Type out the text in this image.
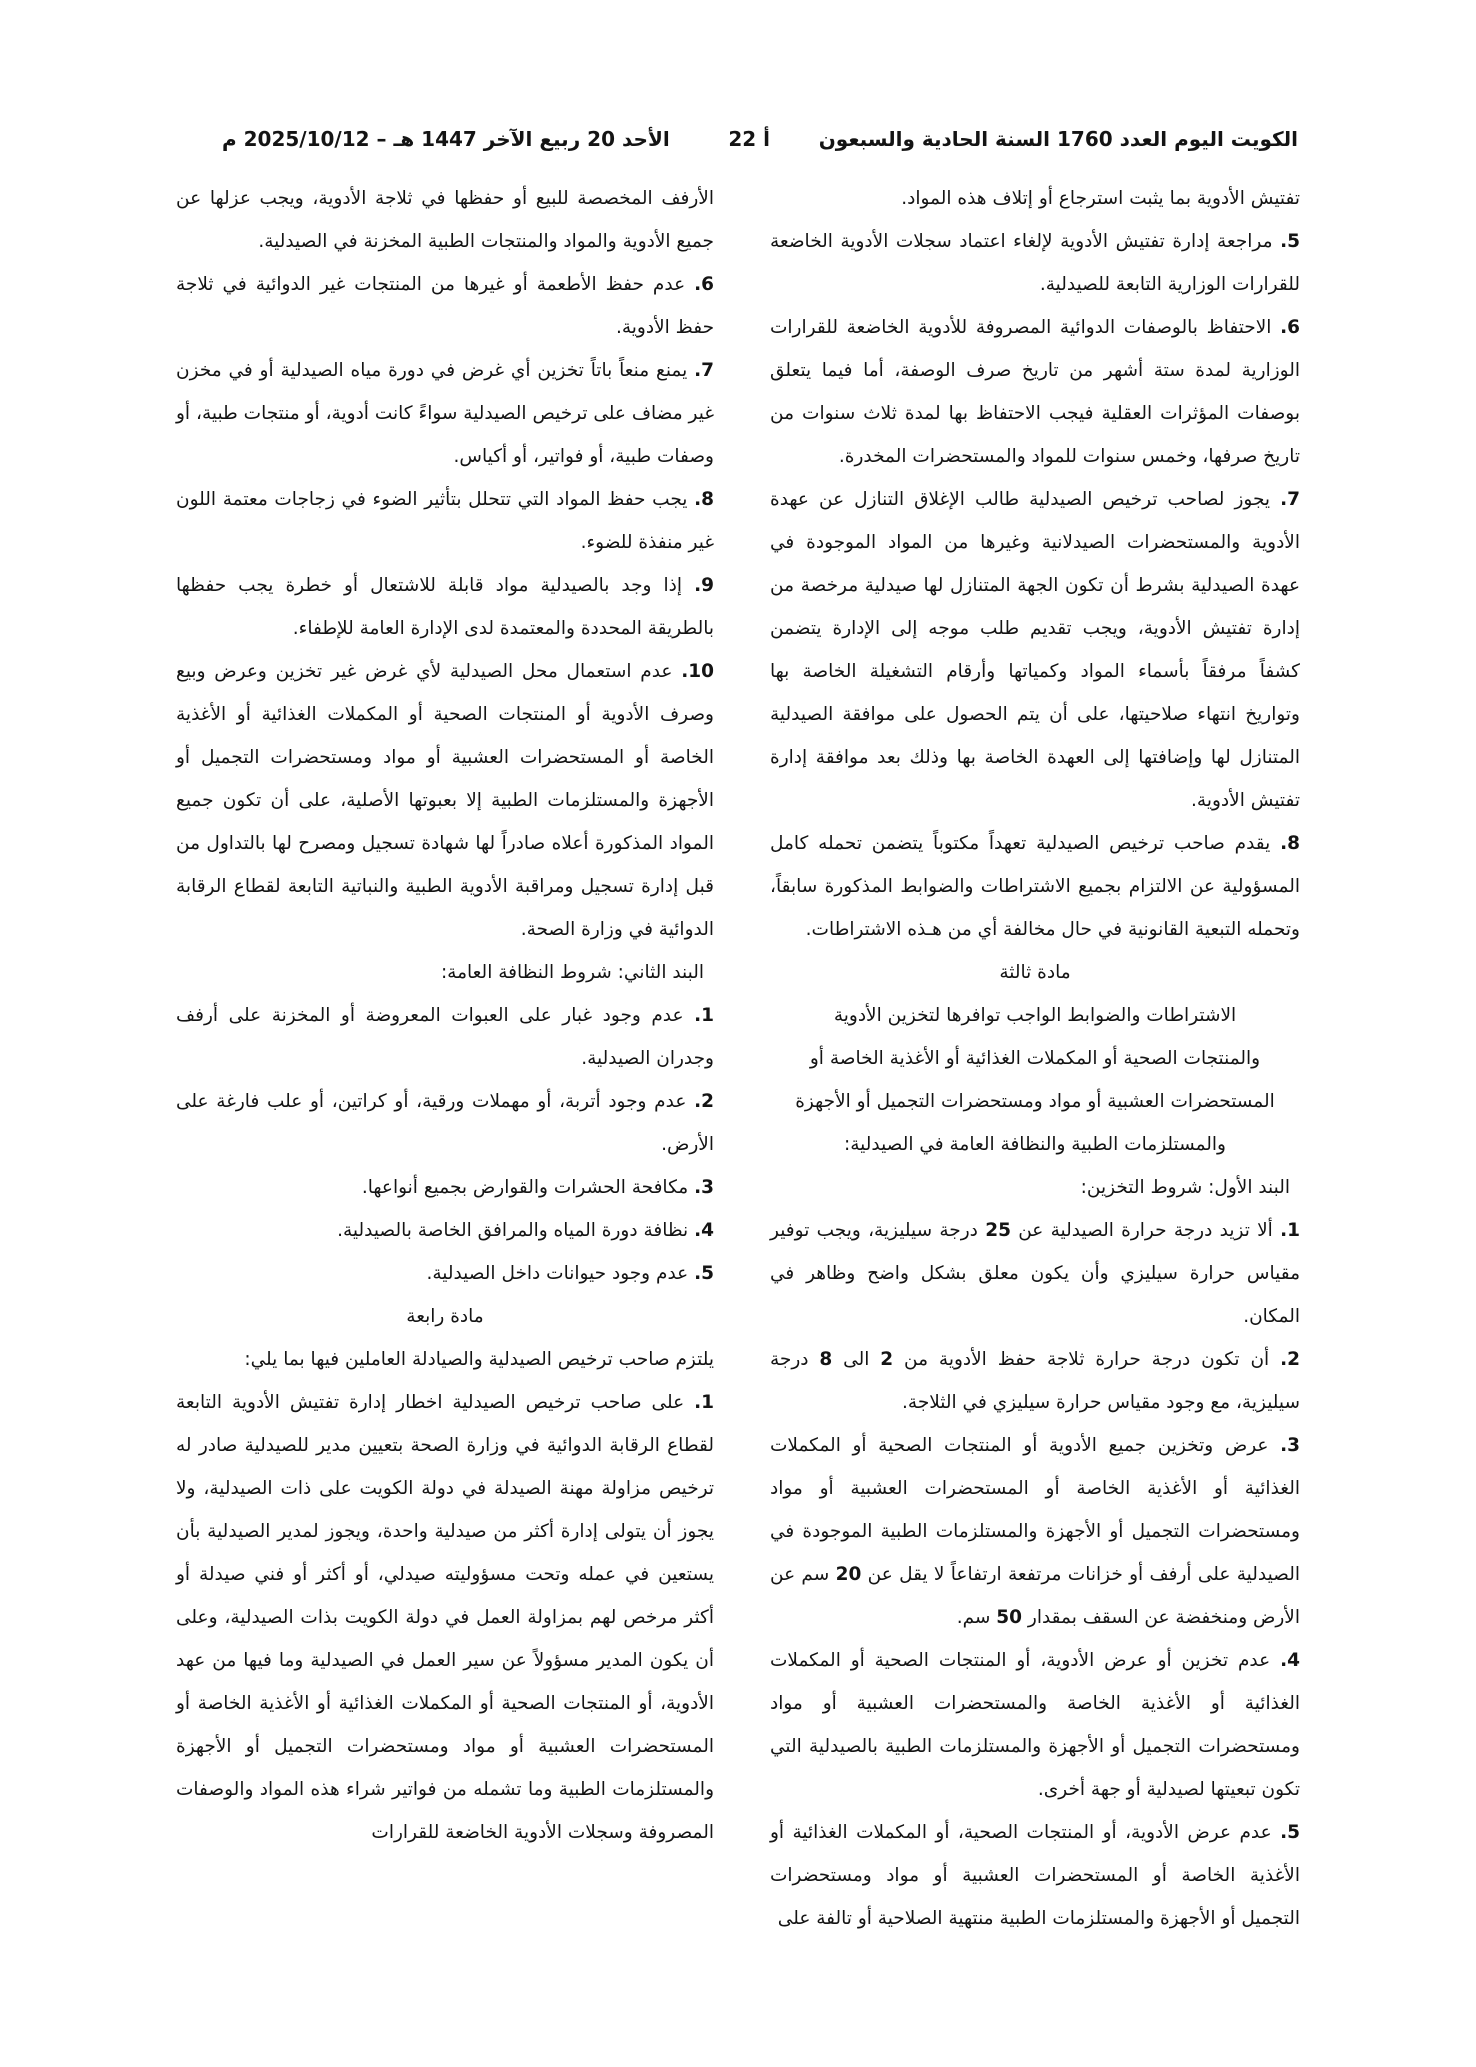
الكويت اليوم العدد 1760 السنة الحادية والسبعون
أ 22
الأحد 20 ربيع الآخر 1447 هـ – 2025/10/12 م

تفتيش الأدوية بما يثبت استرجاع أو إتلاف هذه المواد.

5. مراجعة إدارة تفتيش الأدوية لإلغاء اعتماد سجلات الأدوية الخاضعة للقرارات الوزارية التابعة للصيدلية.

6. الاحتفاظ بالوصفات الدوائية المصروفة للأدوية الخاضعة للقرارات الوزارية لمدة ستة أشهر من تاريخ صرف الوصفة، أما فيما يتعلق بوصفات المؤثرات العقلية فيجب الاحتفاظ بها لمدة ثلاث سنوات من تاريخ صرفها، وخمس سنوات للمواد والمستحضرات المخدرة.

7. يجوز لصاحب ترخيص الصيدلية طالب الإغلاق التنازل عن عهدة الأدوية والمستحضرات الصيدلانية وغيرها من المواد الموجودة في عهدة الصيدلية بشرط أن تكون الجهة المتنازل لها صيدلية مرخصة من إدارة تفتيش الأدوية، ويجب تقديم طلب موجه إلى الإدارة يتضمن كشفاً مرفقاً بأسماء المواد وكمياتها وأرقام التشغيلة الخاصة بها وتواريخ انتهاء صلاحيتها، على أن يتم الحصول على موافقة الصيدلية المتنازل لها وإضافتها إلى العهدة الخاصة بها وذلك بعد موافقة إدارة تفتيش الأدوية.

8. يقدم صاحب ترخيص الصيدلية تعهداً مكتوباً يتضمن تحمله كامل المسؤولية عن الالتزام بجميع الاشتراطات والضوابط المذكورة سابقاً، وتحمله التبعية القانونية في حال مخالفة أي من هـذه الاشتراطات.

مادة ثالثة

الاشتراطات والضوابط الواجب توافرها لتخزين الأدوية والمنتجات الصحية أو المكملات الغذائية أو الأغذية الخاصة أو المستحضرات العشبية أو مواد ومستحضرات التجميل أو الأجهزة والمستلزمات الطبية والنظافة العامة في الصيدلية:

البند الأول: شروط التخزين:

1. ألا تزيد درجة حرارة الصيدلية عن 25 درجة سيليزية، ويجب توفير مقياس حرارة سيليزي وأن يكون معلق بشكل واضح وظاهر في المكان.

2. أن تكون درجة حرارة ثلاجة حفظ الأدوية من 2 الى 8 درجة سيليزية، مع وجود مقياس حرارة سيليزي في الثلاجة.

3. عرض وتخزين جميع الأدوية أو المنتجات الصحية أو المكملات الغذائية أو الأغذية الخاصة أو المستحضرات العشبية أو مواد ومستحضرات التجميل أو الأجهزة والمستلزمات الطبية الموجودة في الصيدلية على أرفف أو خزانات مرتفعة ارتفاعاً لا يقل عن 20 سم عن الأرض ومنخفضة عن السقف بمقدار 50 سم.

4. عدم تخزين أو عرض الأدوية، أو المنتجات الصحية أو المكملات الغذائية أو الأغذية الخاصة والمستحضرات العشبية أو مواد ومستحضرات التجميل أو الأجهزة والمستلزمات الطبية بالصيدلية التي تكون تبعيتها لصيدلية أو جهة أخرى.

5. عدم عرض الأدوية، أو المنتجات الصحية، أو المكملات الغذائية أو الأغذية الخاصة أو المستحضرات العشبية أو مواد ومستحضرات التجميل أو الأجهزة والمستلزمات الطبية منتهية الصلاحية أو تالفة على

الأرفف المخصصة للبيع أو حفظها في ثلاجة الأدوية، ويجب عزلها عن جميع الأدوية والمواد والمنتجات الطبية المخزنة في الصيدلية.

6. عدم حفظ الأطعمة أو غيرها من المنتجات غير الدوائية في ثلاجة حفظ الأدوية.

7. يمنع منعاً باتاً تخزين أي غرض في دورة مياه الصيدلية أو في مخزن غير مضاف على ترخيص الصيدلية سواءً كانت أدوية، أو منتجات طبية، أو وصفات طبية، أو فواتير، أو أكياس.

8. يجب حفظ المواد التي تتحلل بتأثير الضوء في زجاجات معتمة اللون غير منفذة للضوء.

9. إذا وجد بالصيدلية مواد قابلة للاشتعال أو خطرة يجب حفظها بالطريقة المحددة والمعتمدة لدى الإدارة العامة للإطفاء.

10. عدم استعمال محل الصيدلية لأي غرض غير تخزين وعرض وبيع وصرف الأدوية أو المنتجات الصحية أو المكملات الغذائية أو الأغذية الخاصة أو المستحضرات العشبية أو مواد ومستحضرات التجميل أو الأجهزة والمستلزمات الطبية إلا بعبوتها الأصلية، على أن تكون جميع المواد المذكورة أعلاه صادراً لها شهادة تسجيل ومصرح لها بالتداول من قبل إدارة تسجيل ومراقبة الأدوية الطبية والنباتية التابعة لقطاع الرقابة الدوائية في وزارة الصحة.

البند الثاني: شروط النظافة العامة:

1. عدم وجود غبار على العبوات المعروضة أو المخزنة على أرفف وجدران الصيدلية.

2. عدم وجود أتربة، أو مهملات ورقية، أو كراتين، أو علب فارغة على الأرض.

3. مكافحة الحشرات والقوارض بجميع أنواعها.

4. نظافة دورة المياه والمرافق الخاصة بالصيدلية.

5. عدم وجود حيوانات داخل الصيدلية.

مادة رابعة

يلتزم صاحب ترخيص الصيدلية والصيادلة العاملين فيها بما يلي:

1. على صاحب ترخيص الصيدلية اخطار إدارة تفتيش الأدوية التابعة لقطاع الرقابة الدوائية في وزارة الصحة بتعيين مدير للصيدلية صادر له ترخيص مزاولة مهنة الصيدلة في دولة الكويت على ذات الصيدلية، ولا يجوز أن يتولى إدارة أكثر من صيدلية واحدة، ويجوز لمدير الصيدلية بأن يستعين في عمله وتحت مسؤوليته صيدلي، أو أكثر أو فني صيدلة أو أكثر مرخص لهم بمزاولة العمل في دولة الكويت بذات الصيدلية، وعلى أن يكون المدير مسؤولاً عن سير العمل في الصيدلية وما فيها من عهد الأدوية، أو المنتجات الصحية أو المكملات الغذائية أو الأغذية الخاصة أو المستحضرات العشبية أو مواد ومستحضرات التجميل أو الأجهزة والمستلزمات الطبية وما تشمله من فواتير شراء هذه المواد والوصفات المصروفة وسجلات الأدوية الخاضعة للقرارات
